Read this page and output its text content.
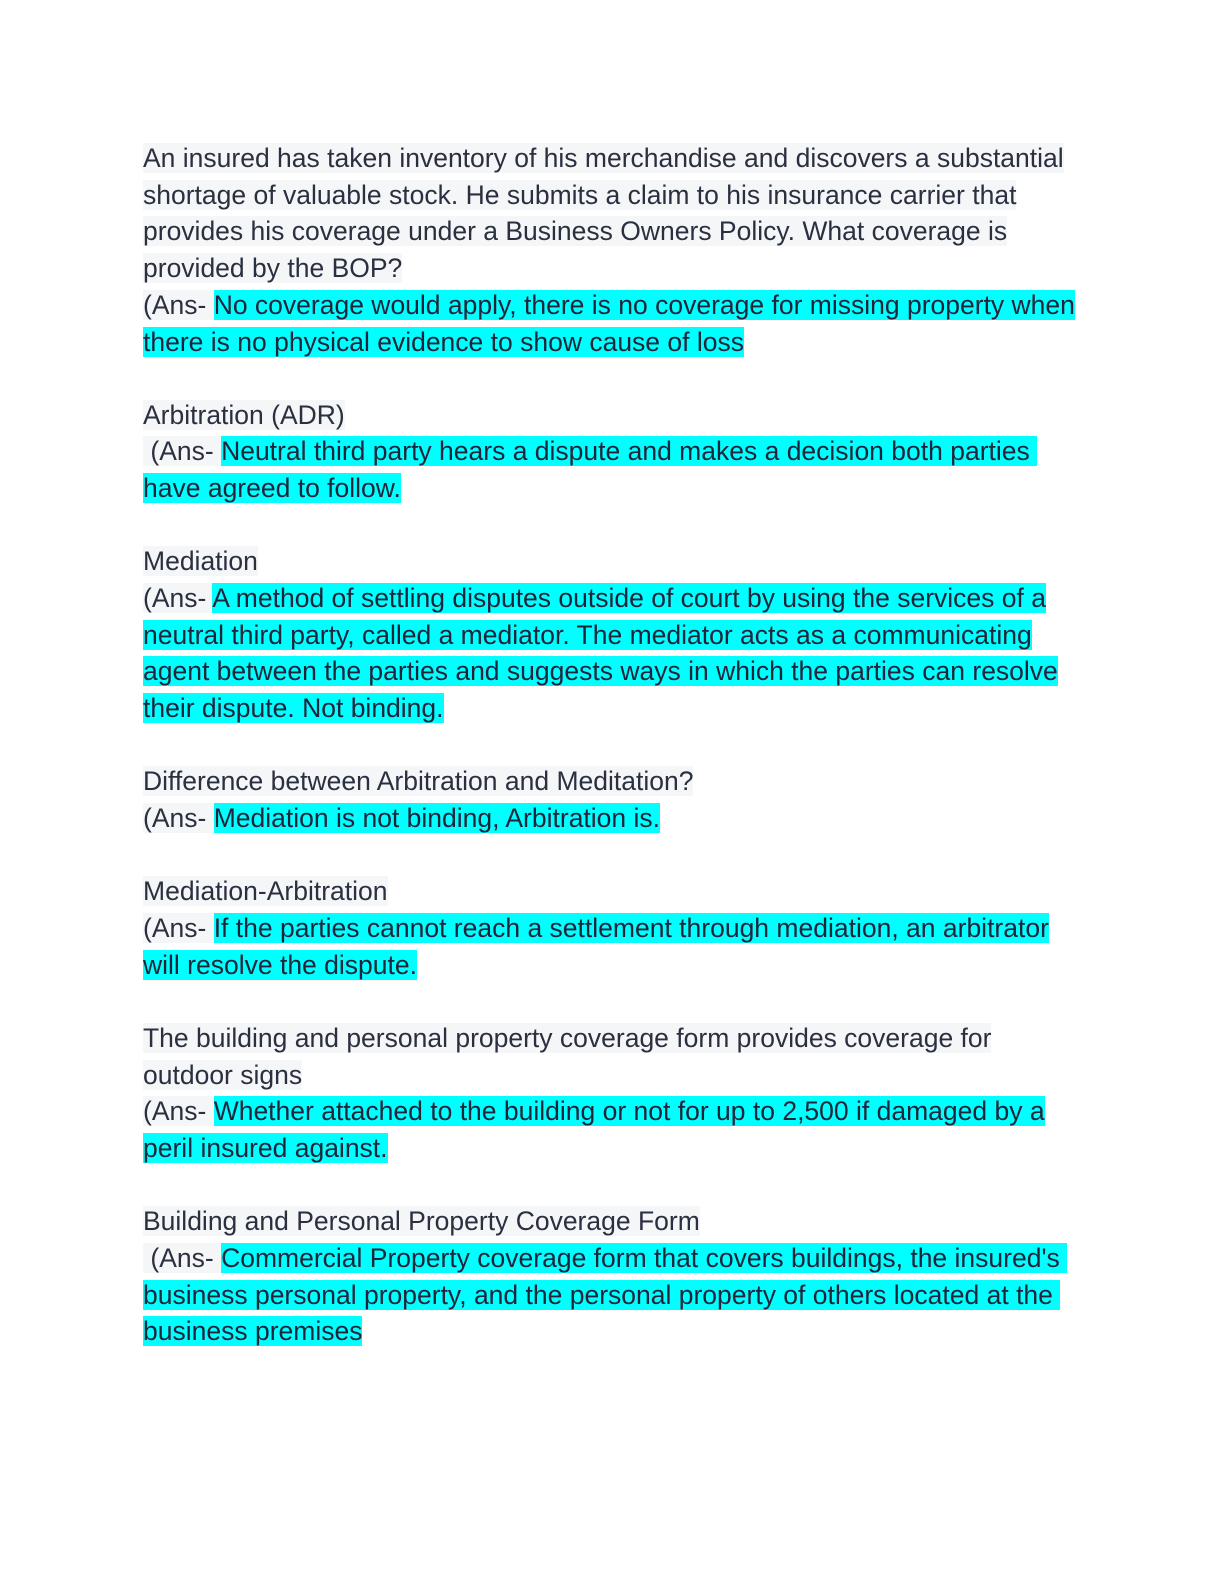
An insured has taken inventory of his merchandise and discovers a substantial shortage of valuable stock. He submits a claim to his insurance carrier that provides his coverage under a Business Owners Policy. What coverage is provided by the BOP?
(Ans- No coverage would apply, there is no coverage for missing property when there is no physical evidence to show cause of loss
Arbitration (ADR)
(Ans- Neutral third party hears a dispute and makes a decision both parties have agreed to follow.
Mediation
(Ans- A method of settling disputes outside of court by using the services of a neutral third party, called a mediator. The mediator acts as a communicating agent between the parties and suggests ways in which the parties can resolve their dispute. Not binding.
Difference between Arbitration and Meditation?
(Ans- Mediation is not binding, Arbitration is.
Mediation-Arbitration
(Ans- If the parties cannot reach a settlement through mediation, an arbitrator will resolve the dispute.
The building and personal property coverage form provides coverage for outdoor signs
(Ans- Whether attached to the building or not for up to 2,500 if damaged by a peril insured against.
Building and Personal Property Coverage Form
(Ans- Commercial Property coverage form that covers buildings, the insured's business personal property, and the personal property of others located at the business premises
